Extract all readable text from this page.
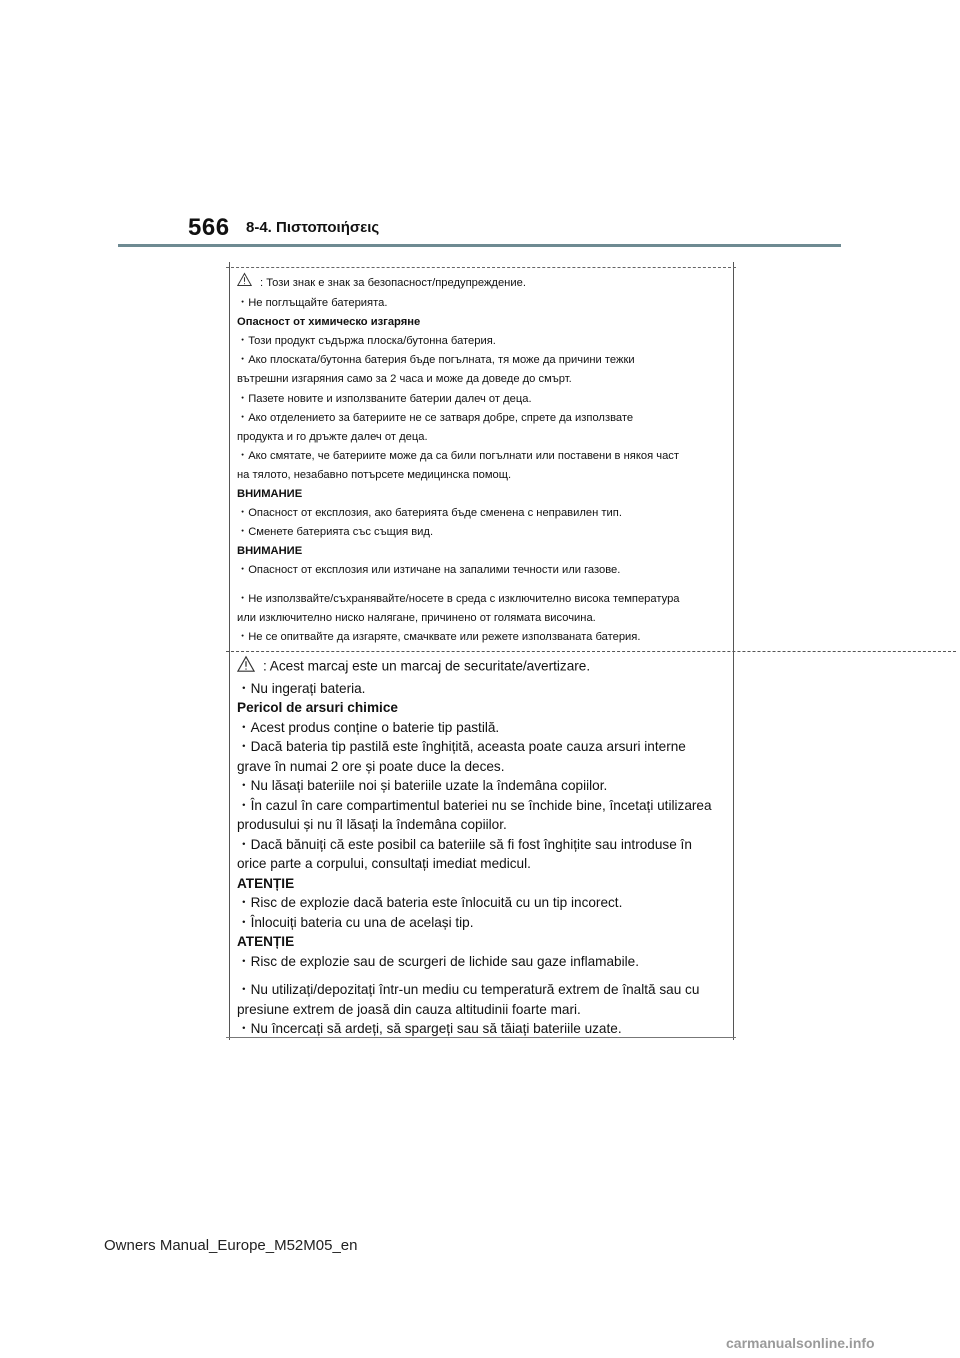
566 8-4. Πιστοποιήσεις
: Този знак е знак за безопасност/предупреждение.
・Не поглъщайте батерията.
Опасност от химическо изгаряне
・Този продукт съдържа плоска/бутонна батерия.
・Ако плоската/бутонна батерия бъде погълната, тя може да причини тежки
вътрешни изгаряния само за 2 часа и може да доведе до смърт.
・Пазете новите и използваните батерии далеч от деца.
・Ако отделението за батериите не се затваря добре, спрете да използвате
продукта и го дръжте далеч от деца.
・Ако смятате, че батериите може да са били погълнати или поставени в някоя част
на тялото, незабавно потърсете медицинска помощ.
ВНИМАНИЕ
・Опасност от експлозия, ако батерията бъде сменена с неправилен тип.
・Сменете батерията със същия вид.
ВНИМАНИЕ
・Опасност от експлозия или изтичане на запалими течности или газове.
・Не използвайте/съхранявайте/носете в среда с изключително висока температура
или изключително ниско налягане, причинено от голямата височина.
・Не се опитвайте да изгаряте, смачквате или режете използваната батерия.
: Acest marcaj este un marcaj de securitate/avertizare.
・Nu ingerați bateria.
Pericol de arsuri chimice
・Acest produs conține o baterie tip pastilă.
・Dacă bateria tip pastilă este înghițită, aceasta poate cauza arsuri interne
grave în numai 2 ore și poate duce la deces.
・Nu lăsați bateriile noi și bateriile uzate la îndemâna copiilor.
・În cazul în care compartimentul bateriei nu se închide bine, încetați utilizarea
produsului și nu îl lăsați la îndemâna copiilor.
・Dacă bănuiți că este posibil ca bateriile să fi fost înghițite sau introduse în
orice parte a corpului, consultați imediat medicul.
ATENȚIE
・Risc de explozie dacă bateria este înlocuită cu un tip incorect.
・Înlocuiți bateria cu una de același tip.
ATENȚIE
・Risc de explozie sau de scurgeri de lichide sau gaze inflamabile.
・Nu utilizați/depozitați într-un mediu cu temperatură extrem de înaltă sau cu
presiune extrem de joasă din cauza altitudinii foarte mari.
・Nu încercați să ardeți, să spargeți sau să tăiați bateriile uzate.
Owners Manual_Europe_M52M05_en
carmanualsonline.info
